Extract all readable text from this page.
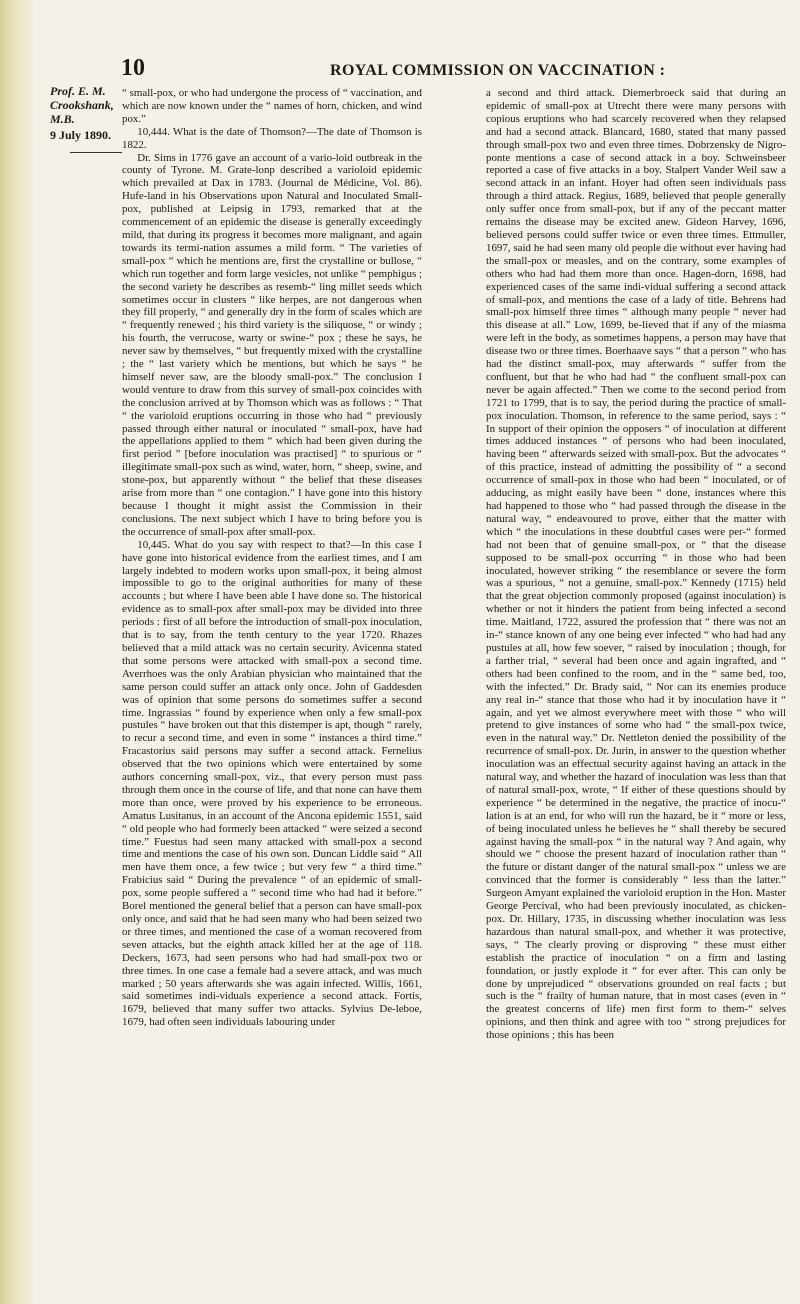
10	ROYAL COMMISSION ON VACCINATION :
Prof. E. M. Crookshank, M.B.
9 July 1890.

“ small-pox, or who had undergone the process of “ vaccination, and which are now known under the “ names of horn, chicken, and wind pox.”

10,444. What is the date of Thomson?—The date of Thomson is 1822.

Dr. Sims in 1776 gave an account of a vario-loid outbreak in the county of Tyrone. M. Grate-lonp described a varioloid epidemic which prevailed at Dax in 1783. (Journal de Médicine, Vol. 86). Hufe-land in his Observations upon Natural and Inoculated Small-pox, published at Leipsig in 1793, remarked that at the commencement of an epidemic the disease is generally exceedingly mild, that during its progress it becomes more malignant, and again towards its termi-nation assumes a mild form. “ The varieties of small-pox “ which he mentions are, first the crystalline or bullose, “ which run together and form large vesicles, not unlike “ pemphigus ; the second variety he describes as resemb-“ ling millet seeds which sometimes occur in clusters “ like herpes, are not dangerous when they fill properly, “ and generally dry in the form of scales which are “ frequently renewed ; his third variety is the siliquose, “ or windy ; his fourth, the verrucose, warty or swine-“ pox ; these he says, he never saw by themselves, “ but frequently mixed with the crystalline ; the “ last variety which he mentions, but which he says “ he himself never saw, are the bloody small-pox.” The conclusion I would venture to draw from this survey of small-pox coincides with the conclusion arrived at by Thomson which was as follows : “ That “ the varioloid eruptions occurring in those who had “ previously passed through either natural or inoculated “ small-pox, have had the appellations applied to them “ which had been given during the first period ” [before inoculation was practised] “ to spurious or “ illegitimate small-pox such as wind, water, horn, “ sheep, swine, and stone-pox, but apparently without “ the belief that these diseases arise from more than “ one contagion.” I have gone into this history because I thought it might assist the Commission in their conclusions. The next subject which I have to bring before you is the occurrence of small-pox after small-pox.

10,445. What do you say with respect to that?—In this case I have gone into historical evidence from the earliest times, and I am largely indebted to modern works upon small-pox, it being almost impossible to go to the original authorities for many of these accounts ; but where I have been able I have done so. The historical evidence as to small-pox after small-pox may be divided into three periods : first of all before the introduction of small-pox inoculation, that is to say, from the tenth century to the year 1720. Rhazes believed that a mild attack was no certain security. Avicenna stated that some persons were attacked with small-pox a second time. Averrhoes was the only Arabian physician who maintained that the same person could suffer an attack only once. John of Gaddesden was of opinion that some persons do sometimes suffer a second time. Ingrassias “ found by experience when only a few small-pox pustules “ have broken out that this distemper is apt, though “ rarely, to recur a second time, and even in some “ instances a third time.” Fracastorius said persons may suffer a second attack. Fernelius observed that the two opinions which were entertained by some authors concerning small-pox, viz., that every person must pass through them once in the course of life, and that none can have them more than once, were proved by his experience to be erroneous. Amatus Lusitanus, in an account of the Ancona epidemic 1551, said “ old people who had formerly been attacked “ were seized a second time.” Fuestus had seen many attacked with small-pox a second time and mentions the case of his own son. Duncan Liddle said “ All men have them once, a few twice ; but very few “ a third time.” Frabicius said “ During the prevalence “ of an epidemic of small-pox, some people suffered a “ second time who had had it before.” Borel mentioned the general belief that a person can have small-pox only once, and said that he had seen many who had been seized two or three times, and mentioned the case of a woman recovered from seven attacks, but the eighth attack killed her at the age of 118. Deckers, 1673, had seen persons who had had small-pox two or three times. In one case a female had a severe attack, and was much marked ; 50 years afterwards she was again infected. Willis, 1661, said sometimes indi-viduals experience a second attack. Fortis, 1679, believed that many suffer two attacks. Sylvius De-leboe, 1679, had often seen individuals labouring under

a second and third attack. Diemerbroeck said that during an epidemic of small-pox at Utrecht there were many persons with copious eruptions who had scarcely recovered when they relapsed and had a second attack. Blancard, 1680, stated that many passed through small-pox two and even three times. Dobrzensky de Nigro-ponte mentions a case of second attack in a boy. Schweinsbeer reported a case of five attacks in a boy. Stalpert Vander Weil saw a second attack in an infant. Hoyer had often seen individuals pass through a third attack. Regius, 1689, believed that people generally only suffer once from small-pox, but if any of the peccant matter remains the disease may be excited anew. Gideon Harvey, 1696, believed persons could suffer twice or even three times. Ettmuller, 1697, said he had seen many old people die without ever having had the small-pox or measles, and on the contrary, some examples of others who had had them more than once. Hagen-dorn, 1698, had experienced cases of the same indi-vidual suffering a second attack of small-pox, and mentions the case of a lady of title. Behrens had small-pox himself three times “ although many people “ never had this disease at all.” Low, 1699, be-lieved that if any of the miasma were left in the body, as sometimes happens, a person may have that disease two or three times. Boerhaave says “ that a person “ who has had the distinct small-pox, may afterwards “ suffer from the confluent, but that he who had had “ the confluent small-pox can never be again affected.” Then we come to the second period from 1721 to 1799, that is to say, the period during the practice of small-pox inoculation. Thomson, in reference to the same period, says : “ In support of their opinion the opposers “ of inoculation at different times adduced instances “ of persons who had been inoculated, having been “ afterwards seized with small-pox. But the advocates “ of this practice, instead of admitting the possibility of “ a second occurrence of small-pox in those who had been “ inoculated, or of adducing, as might easily have been “ done, instances where this had happened to those who “ had passed through the disease in the natural way, “ endeavoured to prove, either that the matter with which “ the inoculations in these doubtful cases were per-“ formed had not been that of genuine small-pox, or “ that the disease supposed to be small-pox occurring “ in those who had been inoculated, however striking “ the resemblance or severe the form was a spurious, “ not a genuine, small-pox.” Kennedy (1715) held that the great objection commonly proposed (against inoculation) is whether or not it hinders the patient from being infected a second time. Maitland, 1722, assured the profession that “ there was not an in-“ stance known of any one being ever infected “ who had had any pustules at all, how few soever, “ raised by inoculation ; though, for a farther trial, “ several had been once and again ingrafted, and “ others had been confined to the room, and in the “ same bed, too, with the infected.” Dr. Brady said, “ Nor can its enemies produce any real in-“ stance that those who had it by inoculation have it “ again, and yet we almost everywhere meet with those “ who will pretend to give instances of some who had “ the small-pox twice, even in the natural way.” Dr. Nettleton denied the possibility of the recurrence of small-pox. Dr. Jurin, in answer to the question whether inoculation was an effectual security against having an attack in the natural way, and whether the hazard of inoculation was less than that of natural small-pox, wrote, “ If either of these questions should by experience “ be determined in the negative, the practice of inocu-“ lation is at an end, for who will run the hazard, be it “ more or less, of being inoculated unless he believes he “ shall thereby be secured against having the small-pox “ in the natural way ? And again, why should we “ choose the present hazard of inoculation rather than “ the future or distant danger of the natural small-pox “ unless we are convinced that the former is considerably “ less than the latter.” Surgeon Amyant explained the varioloid eruption in the Hon. Master George Percival, who had been previously inoculated, as chicken-pox. Dr. Hillary, 1735, in discussing whether inoculation was less hazardous than natural small-pox, and whether it was protective, says, “ The clearly proving or disproving “ these must either establish the practice of inoculation “ on a firm and lasting foundation, or justly explode it “ for ever after. This can only be done by unprejudiced “ observations grounded on real facts ; but such is the “ frailty of human nature, that in most cases (even in “ the greatest concerns of life) men first form to them-“ selves opinions, and then think and agree with too “ strong prejudices for those opinions ; this has been
